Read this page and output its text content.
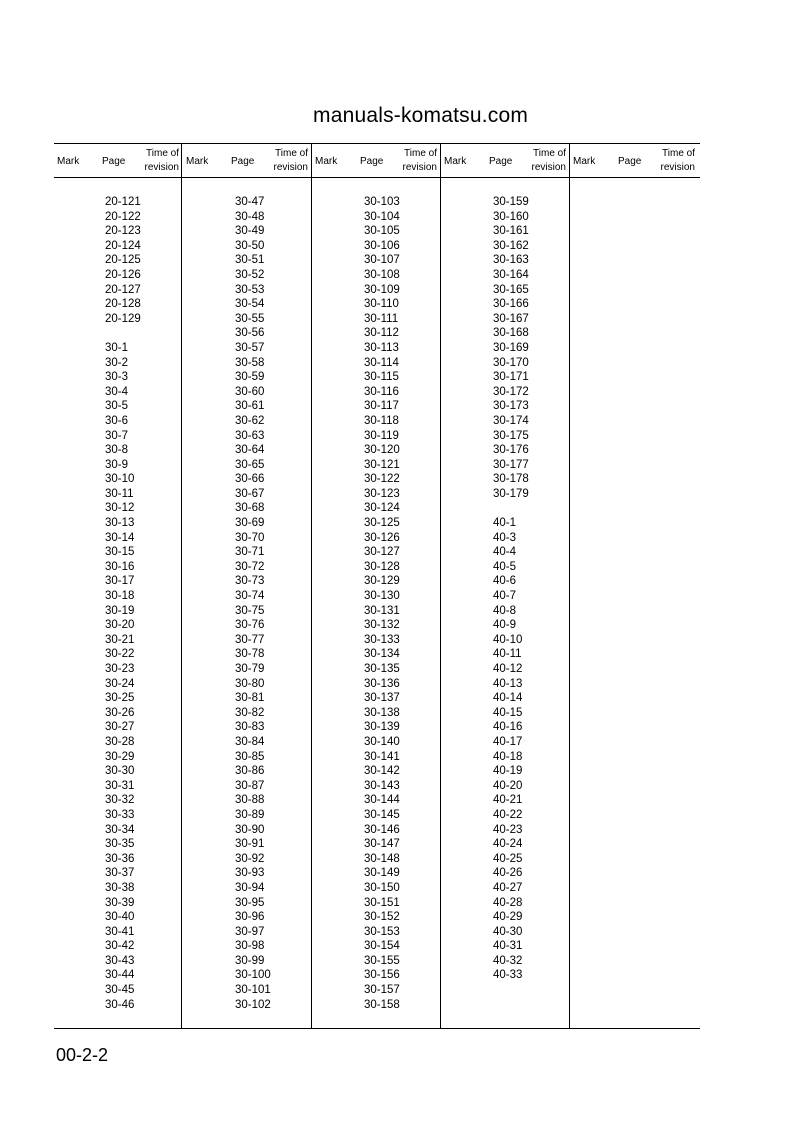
Mark Page
Time of
revision
20-121
20-122
20-123
20-124
20-125
20-126
20-127
20-128
20-129
30-1
30-2
30-3
30-4
30-5
30-6
30-7
30-8
30-9
30-10
30-11
30-12
30-13
30-14
30-15
30-16
30-17
30-18
30-19
30-20
30-21
30-22
30-23
30-24
30-25
30-26
30-27
30-28
30-29
30-30
30-31
30-32
30-33
30-34
30-35
30-36
30-37
30-38
30-39
30-40
30-41
30-42
30-43
30-44
30-45
30-46
Mark Page
Time of
revision
30-47
30-48
30-49
30-50
30-51
30-52
30-53
30-54
30-55
30-56
30-57
30-58
30-59
30-60
30-61
30-62
30-63
30-64
30-65
30-66
30-67
30-68
30-69
30-70
30-71
30-72
30-73
30-74
30-75
30-76
30-77
30-78
30-79
30-80
30-81
30-82
30-83
30-84
30-85
30-86
30-87
30-88
30-89
30-90
30-91
30-92
30-93
30-94
30-95
30-96
30-97
30-98
30-99
30-100
30-101
30-102
Mark Page
Time of
revision
30-103
30-104
30-105
30-106
30-107
30-108
30-109
30-110
30-111
30-112
30-113
30-114
30-115
30-116
30-117
30-118
30-119
30-120
30-121
30-122
30-123
30-124
30-125
30-126
30-127
30-128
30-129
30-130
30-131
30-132
30-133
30-134
30-135
30-136
30-137
30-138
30-139
30-140
30-141
30-142
30-143
30-144
30-145
30-146
30-147
30-148
30-149
30-150
30-151
30-152
30-153
30-154
30-155
30-156
30-157
30-158
Mark Page
Time of
revision
30-159
30-160
30-161
30-162
30-163
30-164
30-165
30-166
30-167
30-168
30-169
30-170
30-171
30-172
30-173
30-174
30-175
30-176
30-177
30-178
30-179
40-1
40-3
40-4
40-5
40-6
40-7
40-8
40-9
40-10
40-11
40-12
40-13
40-14
40-15
40-16
40-17
40-18
40-19
40-20
40-21
40-22
40-23
40-24
40-25
40-26
40-27
40-28
40-29
40-30
40-31
40-32
40-33
Mark Page
Time of
revision
manuals-komatsu.com
00-2-2
